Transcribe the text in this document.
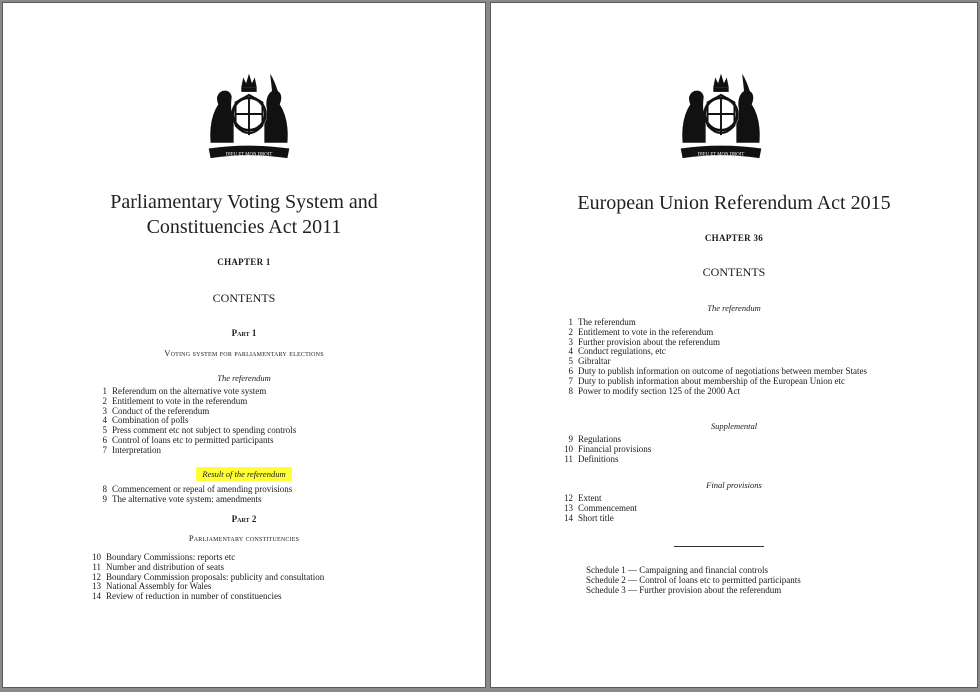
DIEU ET MON DROIT
Parliamentary Voting System and
Constituencies Act 2011
CHAPTER 1
CONTENTS
Part 1
Voting system for parliamentary elections
The referendum
1 Referendum on the alternative vote system
2 Entitlement to vote in the referendum
3 Conduct of the referendum
4 Combination of polls
5 Press comment etc not subject to spending controls
6 Control of loans etc to permitted participants
7 Interpretation
Result of the referendum
8 Commencement or repeal of amending provisions
9 The alternative vote system: amendments
Part 2
Parliamentary constituencies
10 Boundary Commissions: reports etc
11 Number and distribution of seats
12 Boundary Commission proposals: publicity and consultation
13 National Assembly for Wales
14 Review of reduction in number of constituencies
DIEU ET MON DROIT
European Union Referendum Act 2015
CHAPTER 36
CONTENTS
The referendum
1 The referendum
2 Entitlement to vote in the referendum
3 Further provision about the referendum
4 Conduct regulations, etc
5 Gibraltar
6 Duty to publish information on outcome of negotiations between member States
7 Duty to publish information about membership of the European Union etc
8 Power to modify section 125 of the 2000 Act
Supplemental
9 Regulations
10 Financial provisions
11 Definitions
Final provisions
12 Extent
13 Commencement
14 Short title
Schedule 1 — Campaigning and financial controls
Schedule 2 — Control of loans etc to permitted participants
Schedule 3 — Further provision about the referendum
